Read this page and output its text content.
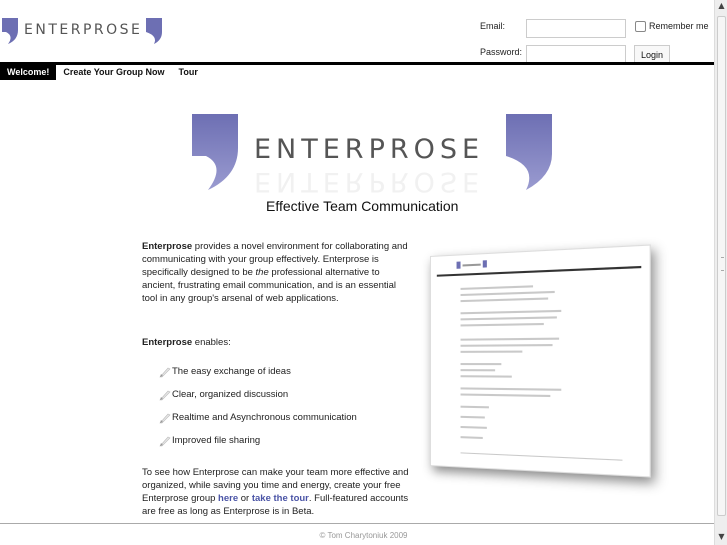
ENTERPROSE	Email:	Remember me
Password:	Login
Welcome!	Create Your Group Now	Tour
ENTERPROSE
ENTERPROSE
Effective Team Communication

Enterprose provides a novel environment for collaborating and communicating with your group effectively. Enterprose is specifically designed to be the professional alternative to ancient, frustrating email communication, and is an essential tool in any group's arsenal of web applications.

Enterprose enables:

The easy exchange of ideas
Clear, organized discussion
Realtime and Asynchronous communication
Improved file sharing

To see how Enterprose can make your team more effective and organized, while saving you time and energy, create your free Enterprose group here or take the tour. Full-featured accounts are free as long as Enterprose is in Beta.

© Tom Charytoniuk 2009
▲
▼
